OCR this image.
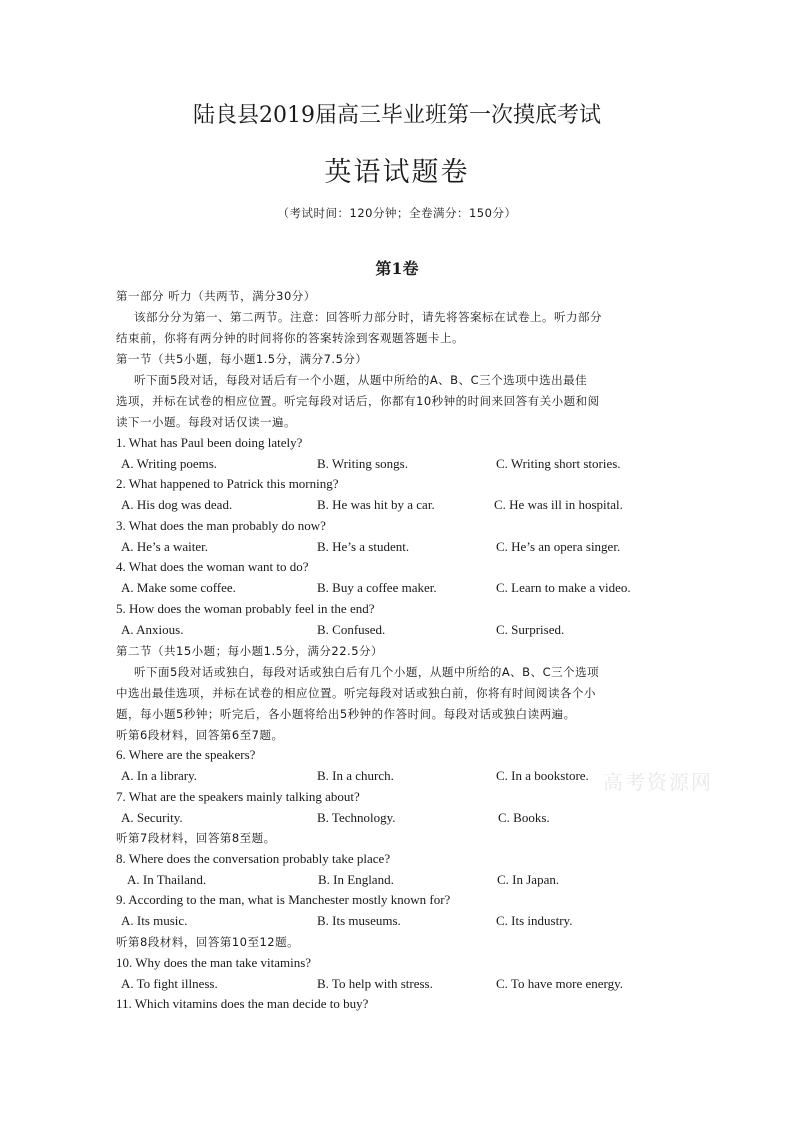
陆良县2019届高三毕业班第一次摸底考试
英语试题卷
（考试时间：120分钟；全卷满分：150分）
第1卷
第一部分 听力（共两节，满分30分）
该部分分为第一、第二两节。注意：回答听力部分时，请先将答案标在试卷上。听力部分
结束前，你将有两分钟的时间将你的答案转涂到客观题答题卡上。
第一节（共5小题，每小题1.5分，满分7.5分）
听下面5段对话，每段对话后有一个小题，从题中所给的A、B、C三个选项中选出最佳
选项，并标在试卷的相应位置。听完每段对话后，你都有10秒钟的时间来回答有关小题和阅
读下一小题。每段对话仅读一遍。
1. What has Paul been doing lately?
A. Writing poems.	B. Writing songs.	C. Writing short stories.
2. What happened to Patrick this morning?
A. His dog was dead.	B. He was hit by a car.	C. He was ill in hospital.
3. What does the man probably do now?
A. He’s a waiter.	B. He’s a student.	C. He’s an opera singer.
4. What does the woman want to do?
A. Make some coffee.	B. Buy a coffee maker.	C. Learn to make a video.
5. How does the woman probably feel in the end?
A. Anxious.	B. Confused.	C. Surprised.
第二节（共15小题；每小题1.5分，满分22.5分）
听下面5段对话或独白，每段对话或独白后有几个小题，从题中所给的A、B、C三个选项
中选出最佳选项，并标在试卷的相应位置。听完每段对话或独白前，你将有时间阅读各个小
题，每小题5秒钟；听完后，各小题将给出5秒钟的作答时间。每段对话或独白读两遍。
听第6段材料，回答第6至7题。
6. Where are the speakers?
A. In a library.	B. In a church.	C. In a bookstore. 高考资源网
7. What are the speakers mainly talking about?
A. Security.	B. Technology.	C. Books.
听第7段材料，回答第8至题。
8. Where does the conversation probably take place?
A. In Thailand.	B. In England.	C. In Japan.
9. According to the man, what is Manchester mostly known for?
A. Its music.	B. Its museums.	C. Its industry.
听第8段材料，回答第10至12题。
10. Why does the man take vitamins?
A. To fight illness.	B. To help with stress.	C. To have more energy.
11. Which vitamins does the man decide to buy?
